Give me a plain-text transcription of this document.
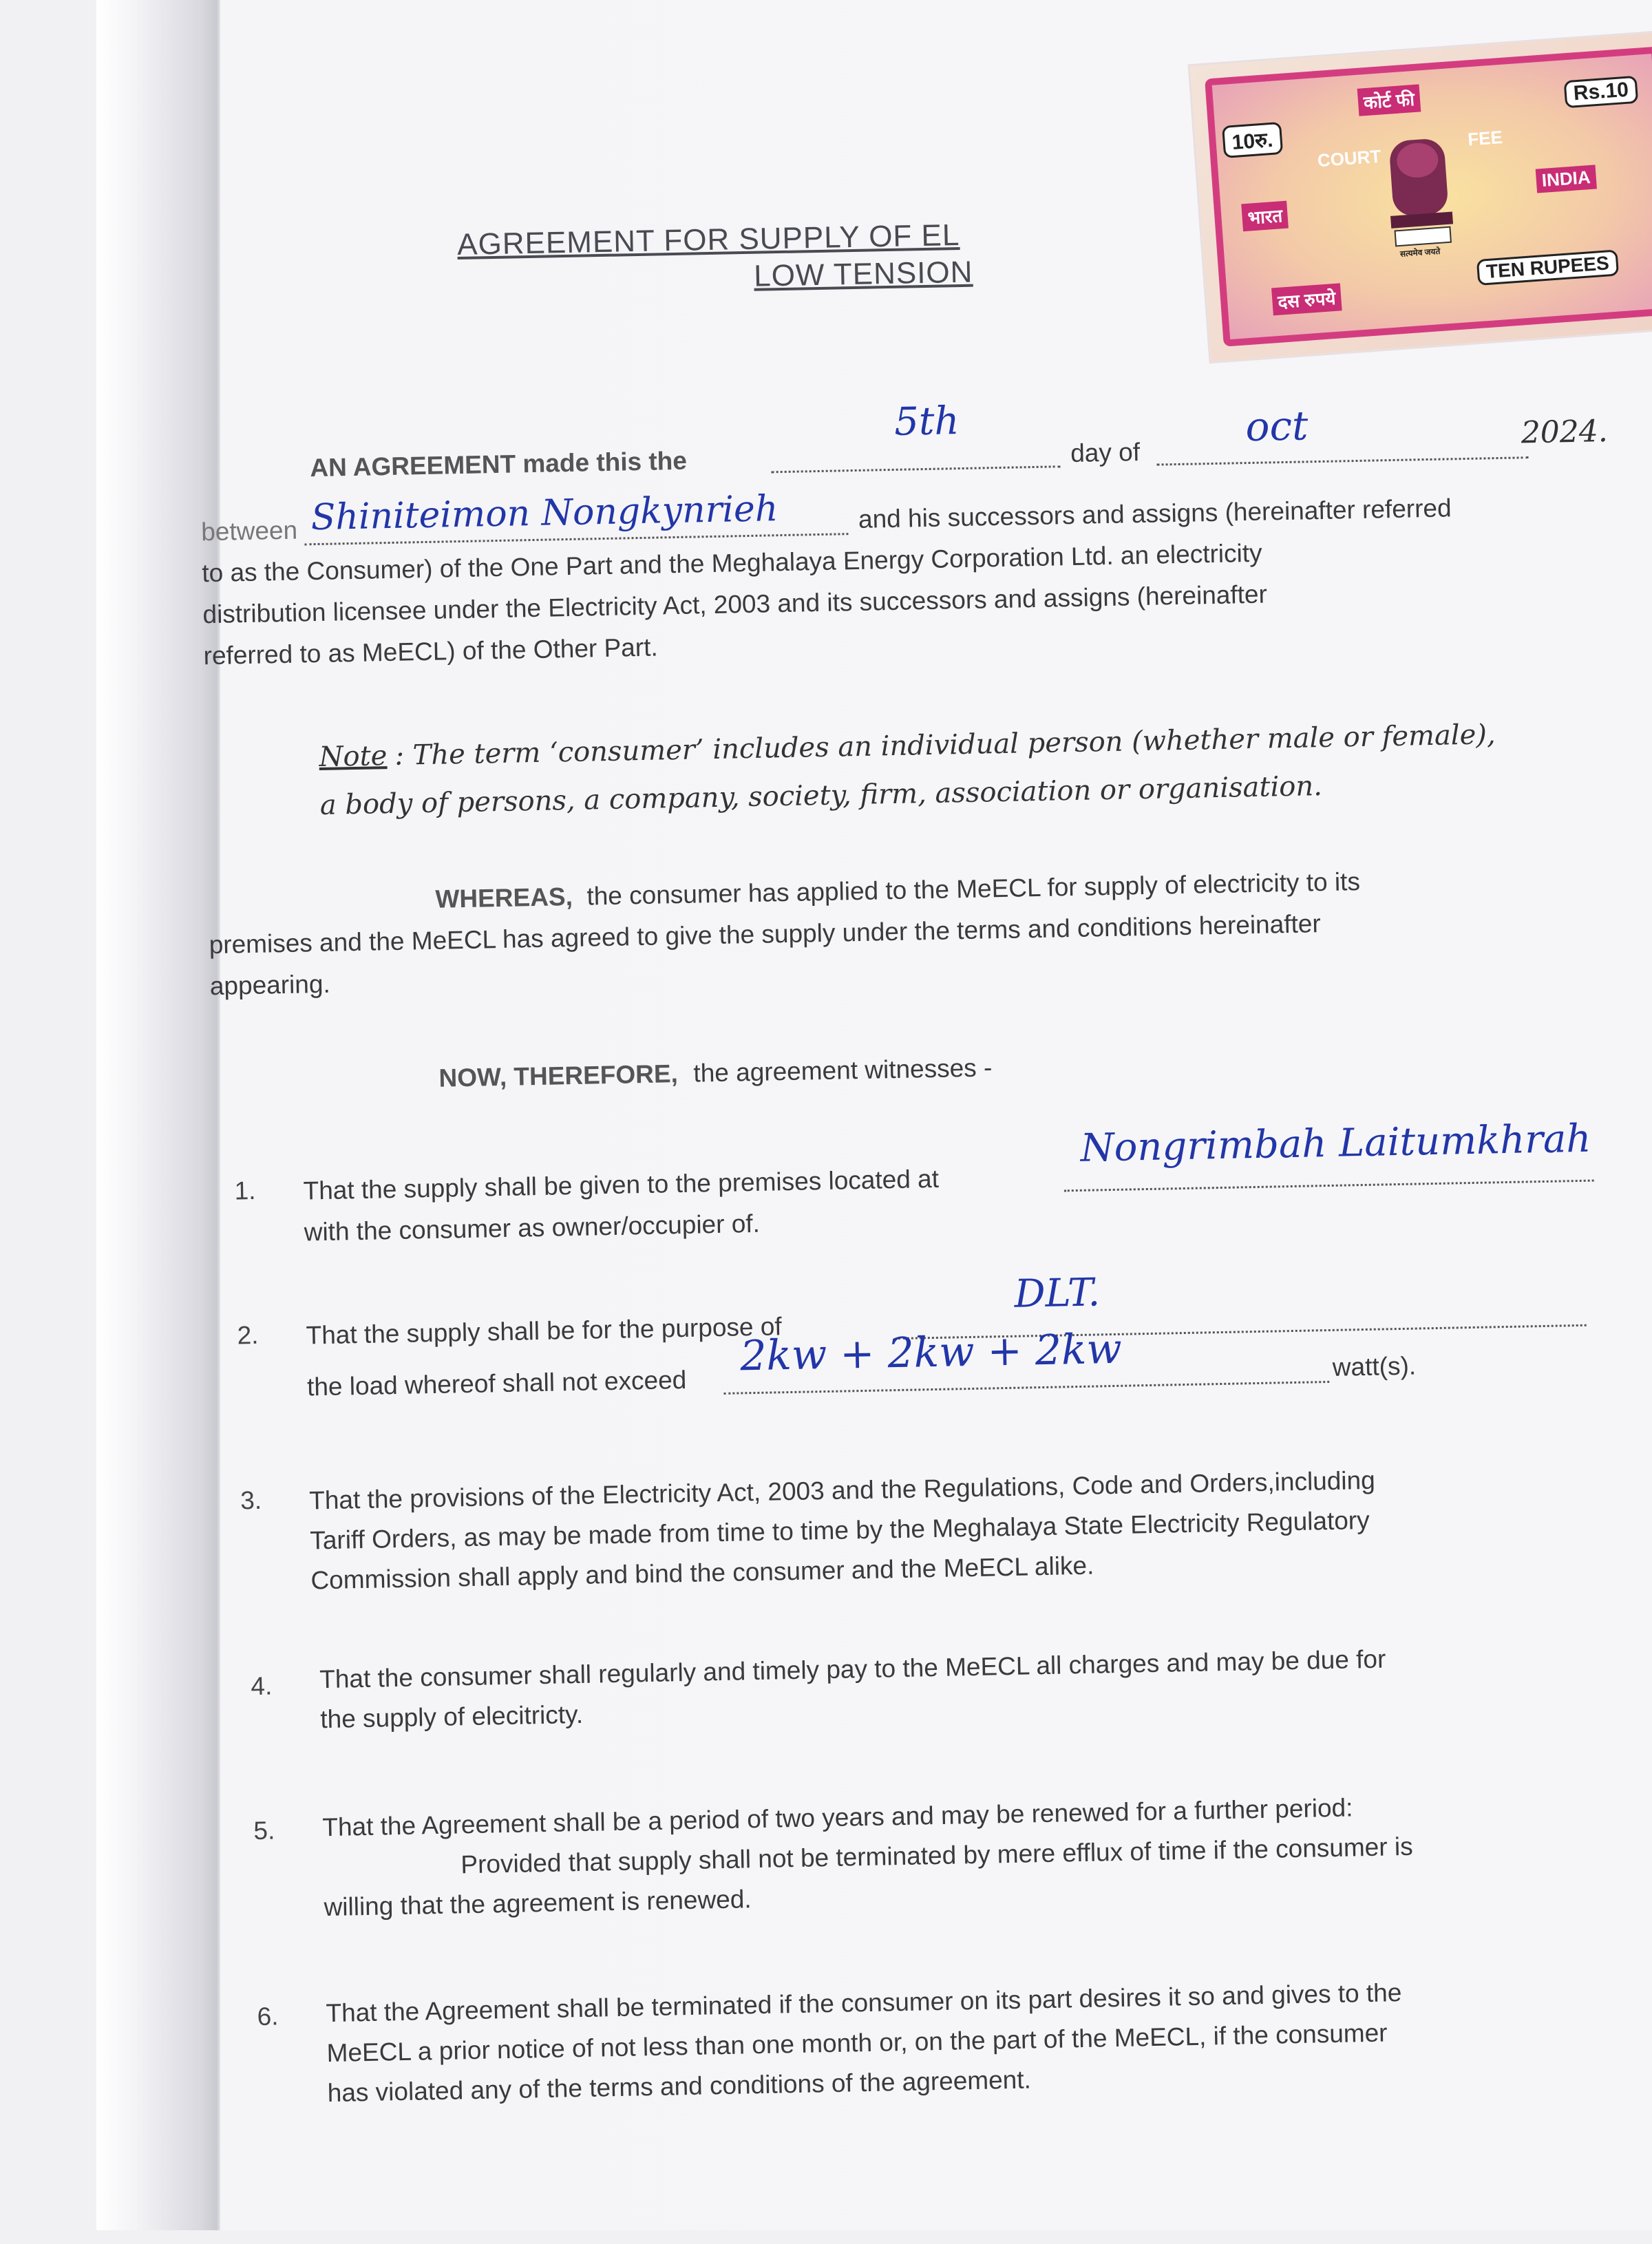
10रु.
Rs.10
कोर्ट फी
COURT
FEE
भारत
INDIA
सत्यमेव जयते
दस रुपये
TEN RUPEES
AGREEMENT FOR SUPPLY OF EL
LOW TENSION
AN AGREEMENT made this the
5th
day of
oct	2024.
between Shiniteimon Nongkynrieh	and his successors and assigns (hereinafter referred
to as the Consumer) of the One Part and the Meghalaya Energy Corporation Ltd. an electricity
distribution licensee under the Electricity Act, 2003 and its successors and assigns (hereinafter
referred to as MeECL) of the Other Part.
Note : The term ‘consumer’ includes an individual person (whether male or female),
a body of persons, a company, society, firm, association or organisation.
WHEREAS, the consumer has applied to the MeECL for supply of electricity to its
premises and the MeECL has agreed to give the supply under the terms and conditions hereinafter
appearing.
NOW, THEREFORE, the agreement witnesses -
1. That the supply shall be given to the premises located at
Nongrimbah Laitumkhrah
with the consumer as owner/occupier of.
2. That the supply shall be for the purpose of
DLT.
the load whereof shall not exceed
2kw + 2kw + 2kw	watt(s).
3. That the provisions of the Electricity Act, 2003 and the Regulations, Code and Orders,including
Tariff Orders, as may be made from time to time by the Meghalaya State Electricity Regulatory
Commission shall apply and bind the consumer and the MeECL alike.
4. That the consumer shall regularly and timely pay to the MeECL all charges and may be due for
the supply of elecitricty.
5. That the Agreement shall be a period of two years and may be renewed for a further period:
Provided that supply shall not be terminated by mere efflux of time if the consumer is
willing that the agreement is renewed.
6. That the Agreement shall be terminated if the consumer on its part desires it so and gives to the
MeECL a prior notice of not less than one month or, on the part of the MeECL, if the consumer
has violated any of the terms and conditions of the agreement.
